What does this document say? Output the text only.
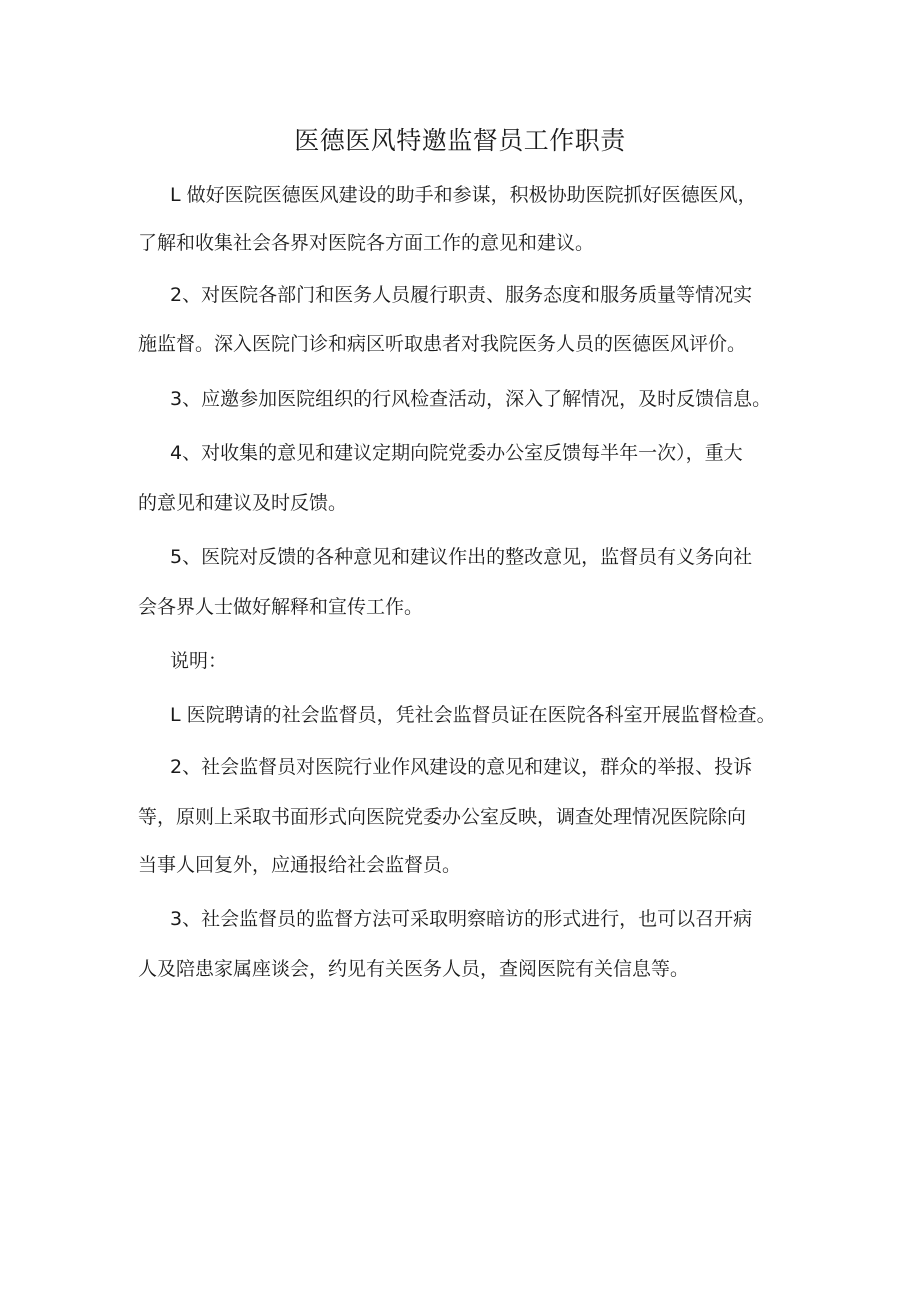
医德医风特邀监督员工作职责

L 做好医院医德医风建设的助手和参谋，积极协助医院抓好医德医风，

了解和收集社会各界对医院各方面工作的意见和建议。

2、对医院各部门和医务人员履行职责、服务态度和服务质量等情况实

施监督。深入医院门诊和病区听取患者对我院医务人员的医德医风评价。

3、应邀参加医院组织的行风检查活动，深入了解情况，及时反馈信息。

4、对收集的意见和建议定期向院党委办公室反馈每半年一次），重大

的意见和建议及时反馈。

5、医院对反馈的各种意见和建议作出的整改意见，监督员有义务向社

会各界人士做好解释和宣传工作。

说明：

L 医院聘请的社会监督员，凭社会监督员证在医院各科室开展监督检查。

2、社会监督员对医院行业作风建设的意见和建议，群众的举报、投诉

等，原则上采取书面形式向医院党委办公室反映，调查处理情况医院除向

当事人回复外，应通报给社会监督员。

3、社会监督员的监督方法可采取明察暗访的形式进行，也可以召开病

人及陪患家属座谈会，约见有关医务人员，查阅医院有关信息等。
